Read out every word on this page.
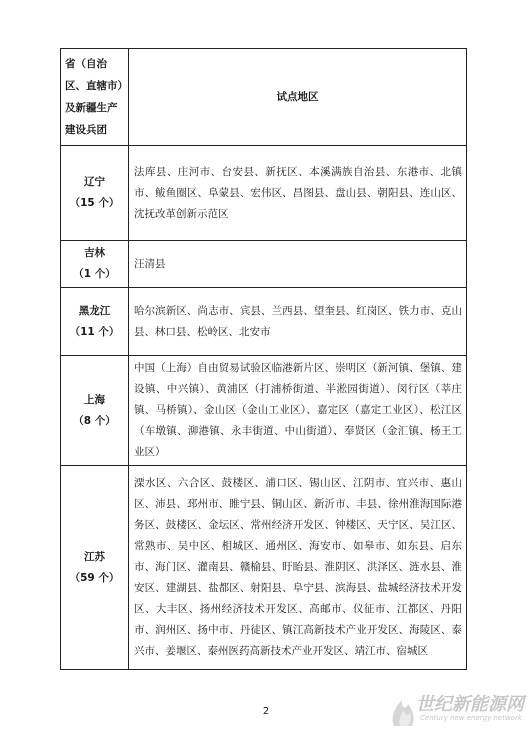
省（自治区、直辖市）及新疆生产建设兵团	试点地区

辽宁
（15 个）	法库县、庄河市、台安县、新抚区、本溪满族自治县、东港市、北镇市、鲅鱼圈区、阜蒙县、宏伟区、昌图县、盘山县、朝阳县、连山区、沈抚改革创新示范区

吉林
（1 个）	汪清县

黑龙江
（11 个）	哈尔滨新区、尚志市、宾县、兰西县、望奎县、红岗区、铁力市、克山县、林口县、松岭区、北安市

上海
（8 个）	中国（上海）自由贸易试验区临港新片区、崇明区（新河镇、堡镇、建设镇、中兴镇）、黄浦区（打浦桥街道、半淞园街道）、闵行区（莘庄镇、马桥镇）、金山区（金山工业区）、嘉定区（嘉定工业区）、松江区（车墩镇、泖港镇、永丰街道、中山街道）、奉贤区（金汇镇、杨王工业区）

江苏
（59 个）	溧水区、六合区、鼓楼区、浦口区、锡山区、江阴市、宜兴市、惠山区、沛县、邳州市、睢宁县、铜山区、新沂市、丰县、徐州淮海国际港务区、鼓楼区、金坛区、常州经济开发区、钟楼区、天宁区、吴江区、常熟市、吴中区、相城区、通州区、海安市、如皋市、如东县、启东市、海门区、灌南县、赣榆县、盱眙县、淮阴区、洪泽区、涟水县、淮安区、建湖县、盐都区、射阳县、阜宁县、滨海县、盐城经济技术开发区、大丰区、扬州经济技术开发区、高邮市、仪征市、江都区、丹阳市、润州区、扬中市、丹徒区、镇江高新技术产业开发区、海陵区、泰兴市、姜堰区、泰州医药高新技术产业开发区、靖江市、宿城区
2	世纪新能源网
Century new energy network
